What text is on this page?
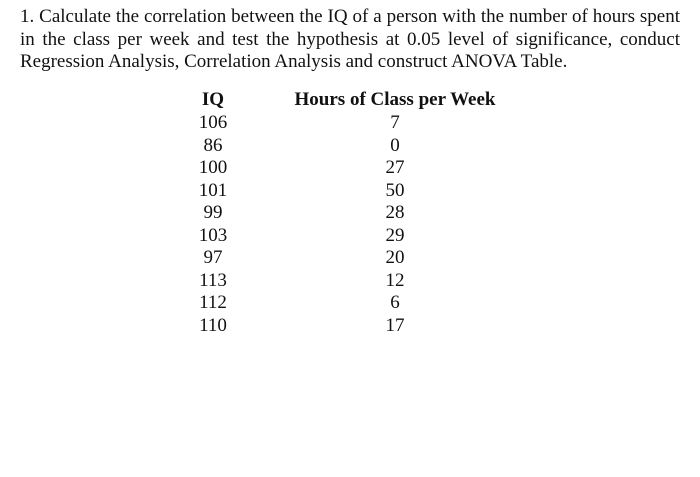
1. Calculate the correlation between the IQ of a person with the number of hours spent in the class per week and test the hypothesis at 0.05 level of significance, conduct Regression Analysis, Correlation Analysis and construct ANOVA Table.
IQ		Hours of Class per Week
106		7
86		0
100		27
101		50
99		28
103		29
97		20
113		12
112		6
110		17
